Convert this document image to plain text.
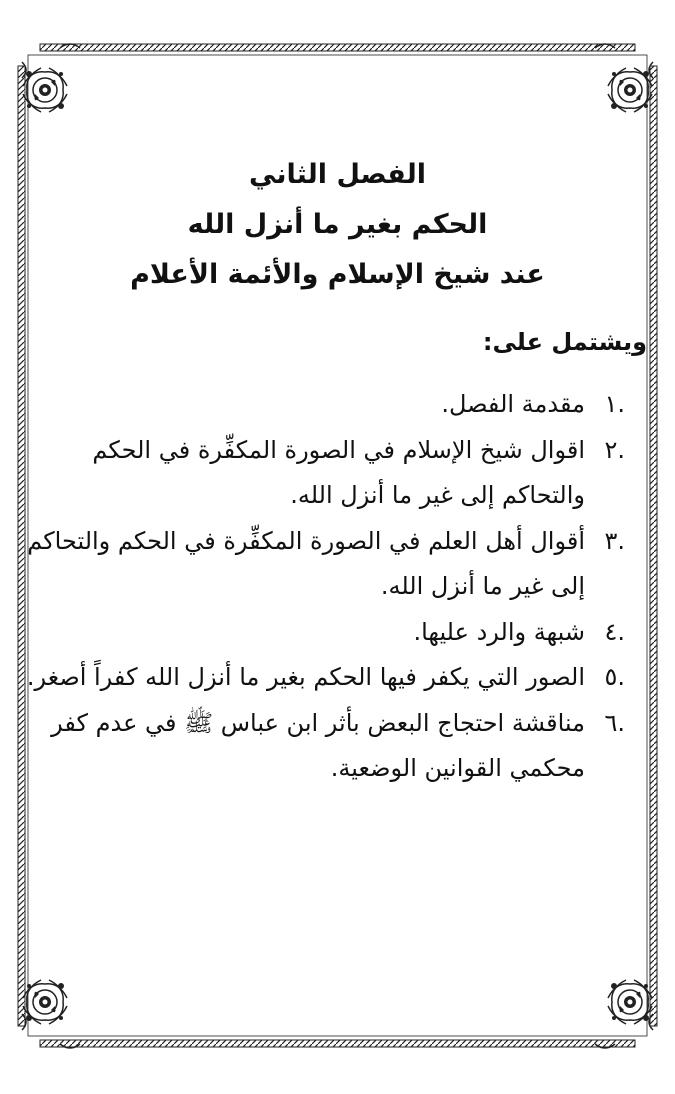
الفصل الثاني
الحكم بغير ما أنزل الله
عند شيخ الإسلام والأئمة الأعلام
ويشتمل على:
.١
مقدمة الفصل.
.٢
اقوال شيخ الإسلام في الصورة المكفِّرة في الحكم والتحاكم إلى غير ما أنزل الله.
.٣
أقوال أهل العلم في الصورة المكفِّرة في الحكم والتحاكم إلى غير ما أنزل الله.
.٤
شبهة والرد عليها.
.٥
الصور التي يكفر فيها الحكم بغير ما أنزل الله كفراً أصغر.
.٦
مناقشة احتجاج البعض بأثر ابن عباس ﷺ في عدم كفر محكمي القوانين الوضعية.
